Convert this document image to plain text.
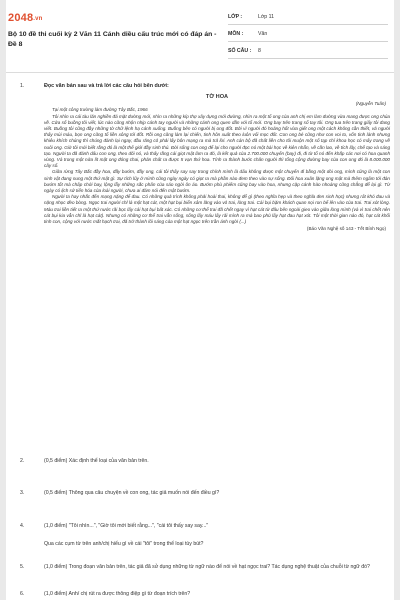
2048.vn
Bộ 10 đề thi cuối kỳ 2 Văn 11 Cánh diều cấu trúc mới có đáp án - Đề 8
LỚP :	Lớp 11
MÔN :	Văn
SỐ CÂU :	8
1.	Đọc văn bản sau và trả lời các câu hỏi bên dưới:
TỜ HOA
(Nguyễn Tuân)

Tại một công trường làm đường Tây Bắc, 1966

Tôi nhìn ra cái tàu lăn nghiền đá mặt đường mới, nhìn ra những kíp thợ xây dựng mới đường, nhìn ra một tổ ong của anh chị em làm đường vừa mang được ong chúa về. Cửa số buồng tôi viết, lúc nào cũng nhộn nhịp cánh tay người và những cánh ong quen dần với tổ mới. Ong bay trên trang sổ tay tôi. Ong tua trên trang giấy tôi đang viết. Buồng tôi cũng đầy những tờ chữ lệnh hạ cánh xuống. Buồng bên có người bị ong đốt. Bởi vì người đó hoảng hốt vừa giết ong một cách không cần thiết, vả người thấy mùi máu, bọn ong cũng tổ liền xông tới đốt. Rồi ong cũng làm lại chiến, tinh hôn xuất theo luôn vối mọc đốt. Con ong bé cũng như con voi to, vốn tinh lành nhưng khiêu khích chúng thì chúng đánh lại ngay, đầu răng cỏ phải lấy bôn mạng ra mà trả lời. Anh cán bộ đã chất liền cho tôi muộn một số tạp chí khoa học có mấy trang về nuôi ong. Giờ tôi mới biết rằng đó là một thế giới đầy sinh thú. Đời sống con ong để lại cho người đọc nó một bài học về kiên nhẫn, về cần lao, về tích lũy, chế tạo và sáng tạo. Người ta đã đánh dấu con ong, theo dõi nó, và thấy rằng cái giọt mật làm ra đó, là kết quả của 2.700.000 chuyến (bay) đi, đi từ tổ nó đến khắp các nơi có hoa quanh vùng. Và trong một nửa lít mật ong đóng chai, phản chất ra được 5 vạn thứ hoa. Tính ra thành bước chân người thì tổng cộng đường bay của con ong đó là 8.000.000 cây số.

Giữa rừng Tây Bắc đầy hoa, đầy bướm, đầy ong, cái tôi thấy say say trong chính mình là dấu không được một chuyến đi bằng một dòi ong, mình cũng là một con sinh vật đang nung một thứ mật gì. Sự tích lũy ở mình cũng ngày ngày có giọt ra mà phần nào đem theo vào sự sống. Đôi hoa xuân lặng ong mật mà thêm ngấm tới đàn bướm tốt mà chấp chới bay, lộng lẫy những sắc phấn của sáo ngời ôn áo. Bướm phù phiếm cũng bay vào hoa, nhưng cặp cánh hào nhoáng cũng chẳng để lại gì. Từ ngày có lịch sử tiến hóa của loài người, chưa ai đám nói đến mật bướm.

Người ta hay nhắc đến mạng nặng để đau. Có những quả trình không phải hoài thai, không để gì (theo nghĩa hẹp và theo nghĩa đen sinh học) nhưng rất khó đau và nặng nhọc đèo bòng. Ngọc trai người chỉ là một hạt cát, một hạt bụi biển xâm lăng vào vỏ trai, lòng trai. Cái bụi bặm khách quan nọi ron bể lên vào của trai. Trai xót lòng. Máu trai liền tiết ra một thứ nước rãi bọc lấy cái hạt bụi bất xác. Có những cơ thể trai đã chết ngay vì hạt cát từ đâu bên ngoài gieo vào giữa lòng mình (và vì trai chết nên cát bụi kia vẫn chỉ là hạt cát). Nhưng có những cơ thể trai vẫn sống, sống lấy máu lấy rãi mình ra mà bao phủ lấy hạt đau hạt xót. Tôi một thời gian nào đó, hạt cát khối tinh con, cộng với nước mắt hạch trai, đã trở thành lôi sáng của một hạt ngọc trên trần ánh ngời (...)

(Báo Văn Nghệ số 143 - Tết Bính Ngọ)
2.	(0,5 điểm) Xác định thể loại của văn bản trên.
3.	(0,5 điểm) Thông qua câu chuyện về con ong, tác giả muốn nói đến điều gì?
4.	(1,0 điểm) "Tôi nhìn...", "Giờ tôi mới biết rằng...", "cái tôi thấy say say..."
Qua các cụm từ trên anh/chị hiểu gì về cái "tôi" trong thể loại tùy bút?
5.	(1,0 điểm) Trong đoạn văn bản trên, tác giả đã sử dụng những từ ngữ nào để nói về hạt ngọc trai? Tác dụng nghệ thuật của chuỗi từ ngữ đó?
6.	(1,0 điểm) Anh/ chị rút ra được thông điệp gì từ đoạn trích trên?
